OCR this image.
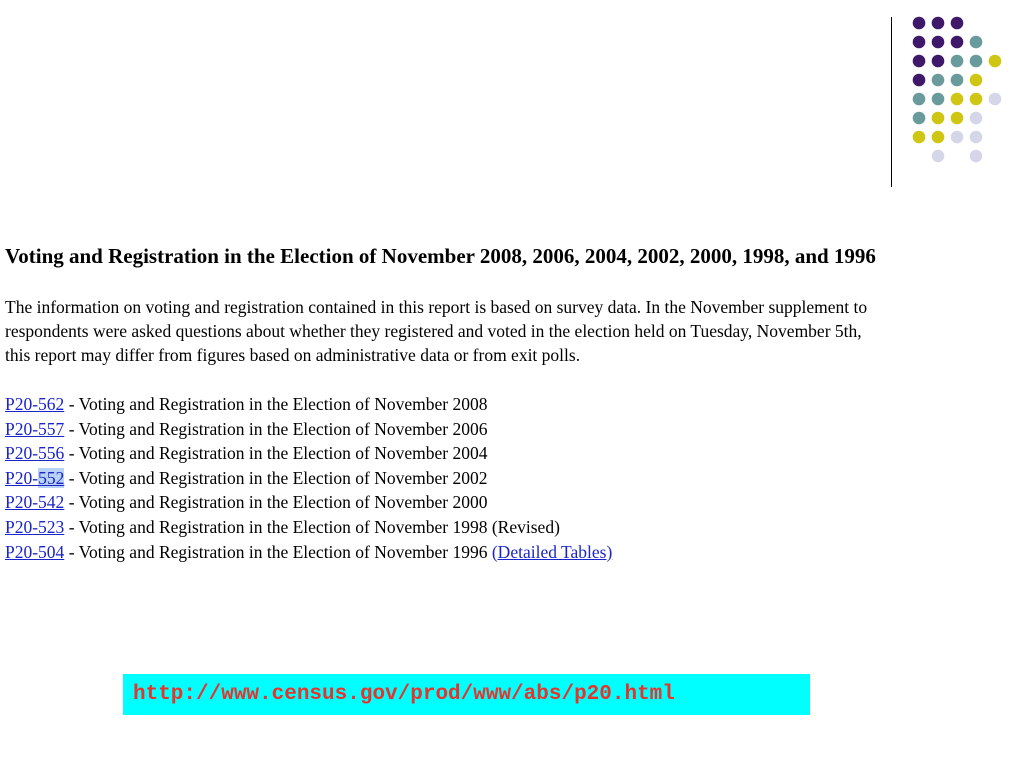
Voting and Registration in the Election of November 2008, 2006, 2004, 2002, 2000, 1998, and 1996
The information on voting and registration contained in this report is based on survey data. In the November supplement to
respondents were asked questions about whether they registered and voted in the election held on Tuesday, November 5th,
this report may differ from figures based on administrative data or from exit polls.
P20-562 - Voting and Registration in the Election of November 2008
P20-557 - Voting and Registration in the Election of November 2006
P20-556 - Voting and Registration in the Election of November 2004
P20-552 - Voting and Registration in the Election of November 2002
P20-542 - Voting and Registration in the Election of November 2000
P20-523 - Voting and Registration in the Election of November 1998 (Revised)
P20-504 - Voting and Registration in the Election of November 1996 (Detailed Tables)
http://www.census.gov/prod/www/abs/p20.html
